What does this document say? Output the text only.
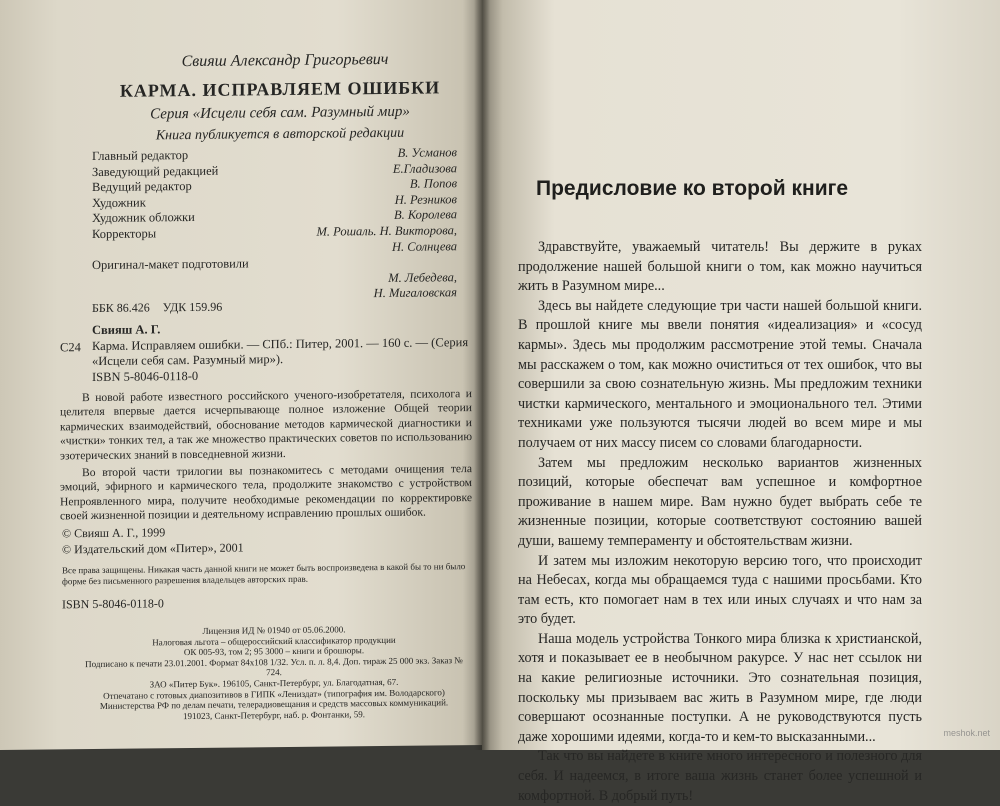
Свияш Александр Григорьевич
КАРМА. ИСПРАВЛЯЕМ ОШИБКИ
Серия «Исцели себя сам. Разумный мир»
Книга публикуется в авторской редакции
Главный редактор	В. Усманов
Заведующий редакцией	Е.Гладизова
Ведущий редактор	В. Попов
Художник	Н. Резников
Художник обложки	В. Королева
Корректоры	М. Рошаль. Н. Викторова,
Н. Солнцева
Оригинал-макет подготовили
М. Лебедева,
Н. Мигаловская
ББК 86.426 УДК 159.96
Свияш А. Г.
С24 Карма. Исправляем ошибки. — СПб.: Питер, 2001. — 160 с. — (Серия «Исцели себя сам. Разумный мир»).
ISBN 5-8046-0118-0

В новой работе известного российского ученого-изобретателя, психолога и целителя впервые дается исчерпывающе полное изложение Общей теории кармических взаимодействий, обоснование методов кармической диагностики и «чистки» тонких тел, а так же множество практических советов по использованию эзотерических знаний в повседневной жизни.

Во второй части трилогии вы познакомитесь с методами очищения тела эмоций, эфирного и кармического тела, продолжите знакомство с устройством Непроявленного мира, получите необходимые рекомендации по корректировке своей жизненной позиции и деятельному исправлению прошлых ошибок.

© Свияш А. Г., 1999
© Издательский дом «Питер», 2001
Все права защищены. Никакая часть данной книги не может быть воспроизведена в какой бы то ни было форме без письменного разрешения владельцев авторских прав.
ISBN 5-8046-0118-0
Лицензия ИД № 01940 от 05.06.2000.
Налоговая льгота – общероссийский классификатор продукции
ОК 005-93, том 2; 95 3000 – книги и брошюры.
Подписано к печати 23.01.2001. Формат 84х108 1/32. Усл. п. л. 8,4. Доп. тираж 25 000 экз. Заказ № 724.
ЗАО «Питер Бук». 196105, Санкт-Петербург, ул. Благодатная, 67.
Отпечатано с готовых диапозитивов в ГИПК «Лениздат» (типография им. Володарского)
Министерства РФ по делам печати, телерадиовещания и средств массовых коммуникаций.
191023, Санкт-Петербург, наб. р. Фонтанки, 59.
Предисловие ко второй книге

Здравствуйте, уважаемый читатель! Вы держите в руках продолжение нашей большой книги о том, как можно научиться жить в Разумном мире...

Здесь вы найдете следующие три части нашей большой книги. В прошлой книге мы ввели понятия «идеализация» и «сосуд кармы». Здесь мы продолжим рассмотрение этой темы. Сначала мы расскажем о том, как можно очиститься от тех ошибок, что вы совершили за свою сознательную жизнь. Мы предложим техники чистки кармического, ментального и эмоционального тел. Этими техниками уже пользуются тысячи людей во всем мире и мы получаем от них массу писем со словами благодарности.

Затем мы предложим несколько вариантов жизненных позиций, которые обеспечат вам успешное и комфортное проживание в нашем мире. Вам нужно будет выбрать себе те жизненные позиции, которые соответствуют состоянию вашей души, вашему темпераменту и обстоятельствам жизни.

И затем мы изложим некоторую версию того, что происходит на Небесах, когда мы обращаемся туда с нашими просьбами. Кто там есть, кто помогает нам в тех или иных случаях и что нам за это будет.

Наша модель устройства Тонкого мира близка к христианской, хотя и показывает ее в необычном ракурсе. У нас нет ссылок ни на какие религиозные источники. Это сознательная позиция, поскольку мы призываем вас жить в Разумном мире, где люди совершают осознанные поступки. А не руководствуются пусть даже хорошими идеями, когда-то и кем-то высказанными...

Так что вы найдете в книге много интересного и полезного для себя. И надеемся, в итоге ваша жизнь станет более успешной и комфортной. В добрый путь!

meshok.net
